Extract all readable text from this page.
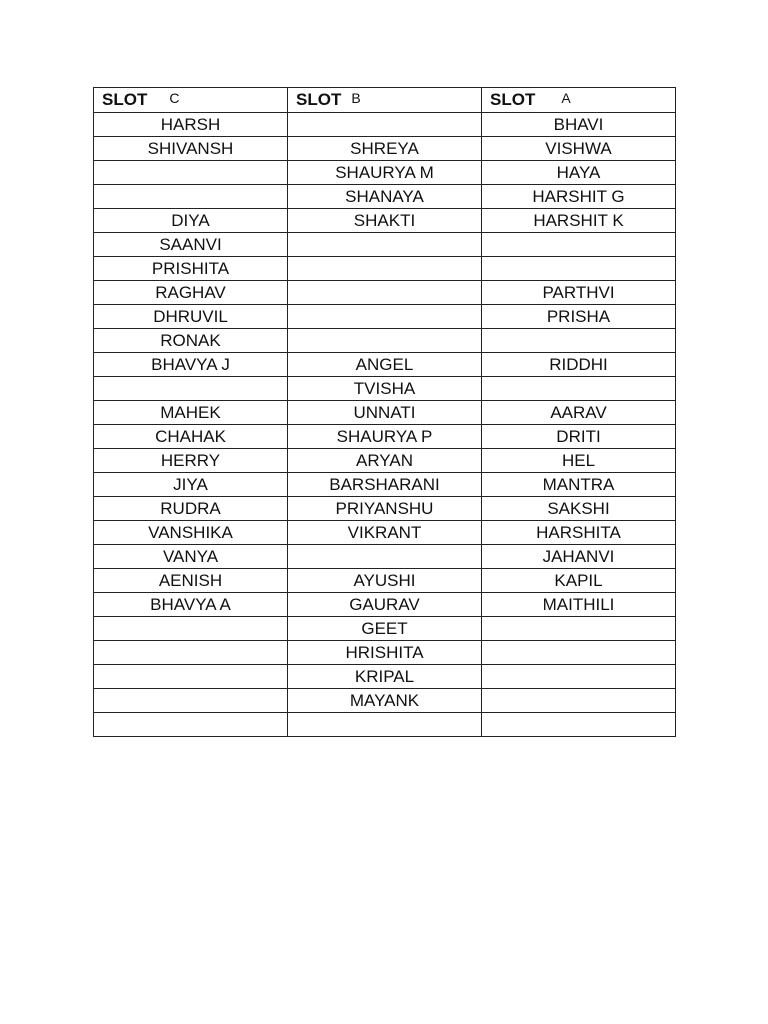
SLOT C	SLOT B	SLOT A
HARSH		BHAVI
SHIVANSH	SHREYA	VISHWA
	SHAURYA M	HAYA
	SHANAYA	HARSHIT G
DIYA	SHAKTI	HARSHIT K
SAANVI		
PRISHITA		
RAGHAV		PARTHVI
DHRUVIL		PRISHA
RONAK		
BHAVYA J	ANGEL	RIDDHI
	TVISHA	
MAHEK	UNNATI	AARAV
CHAHAK	SHAURYA P	DRITI
HERRY	ARYAN	HEL
JIYA	BARSHARANI	MANTRA
RUDRA	PRIYANSHU	SAKSHI
VANSHIKA	VIKRANT	HARSHITA
VANYA		JAHANVI
AENISH	AYUSHI	KAPIL
BHAVYA A	GAURAV	MAITHILI
	GEET	
	HRISHITA	
	KRIPAL	
	MAYANK	
